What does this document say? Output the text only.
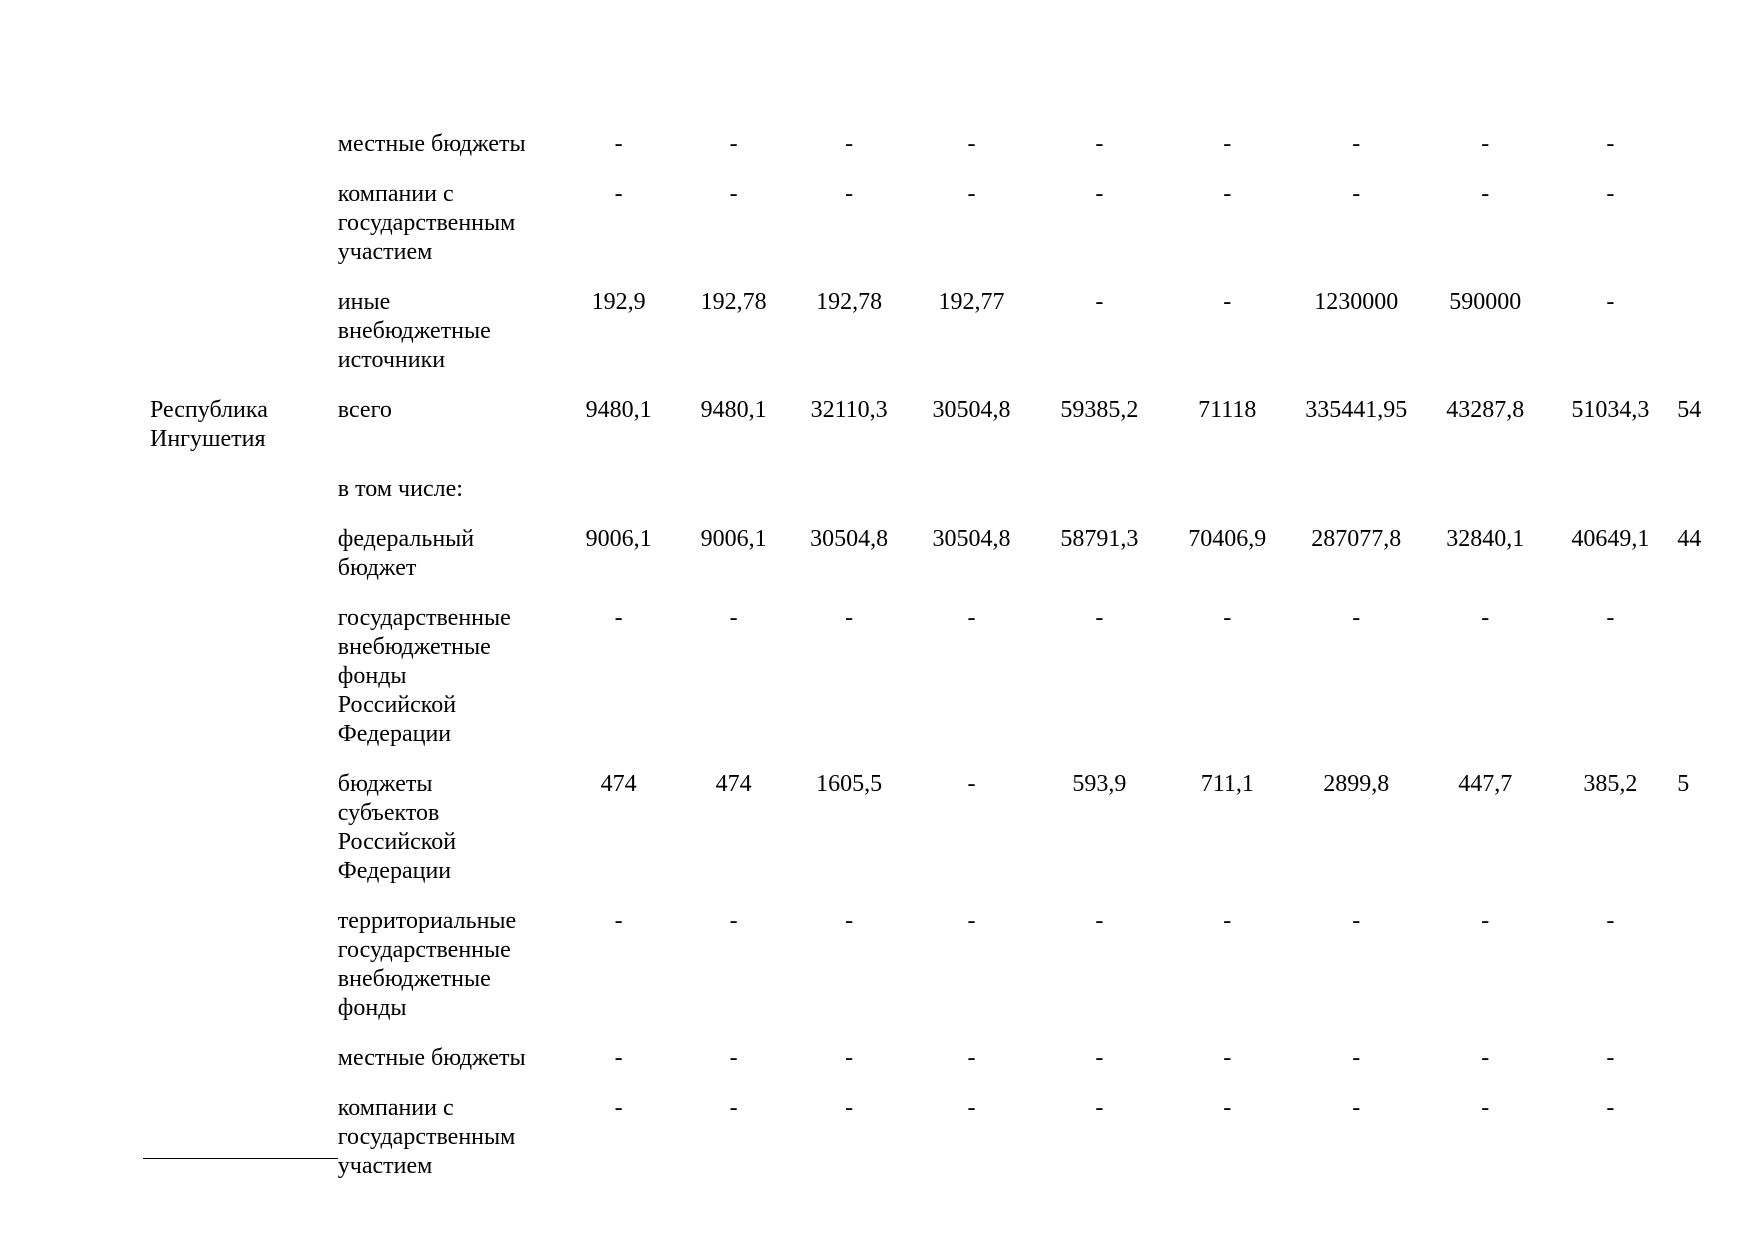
	местные бюджеты	-	-	-	-	-	-	-	-	-	
	компании с
государственным
участием	-	-	-	-	-	-	-	-	-	
	иные
внебюджетные
источники	192,9	192,78	192,78	192,77	-	-	1230000	590000	-	
Республика
Ингушетия	всего	9480,1	9480,1	32110,3	30504,8	59385,2	71118	335441,95	43287,8	51034,3	54
	в том числе:										
	федеральный
бюджет	9006,1	9006,1	30504,8	30504,8	58791,3	70406,9	287077,8	32840,1	40649,1	44
	государственные
внебюджетные
фонды
Российской
Федерации	-	-	-	-	-	-	-	-	-	
	бюджеты
субъектов
Российской
Федерации	474	474	1605,5	-	593,9	711,1	2899,8	447,7	385,2	5
	территориальные
государственные
внебюджетные
фонды	-	-	-	-	-	-	-	-	-	
	местные бюджеты	-	-	-	-	-	-	-	-	-	
	компании с
государственным
участием	-	-	-	-	-	-	-	-	-	
